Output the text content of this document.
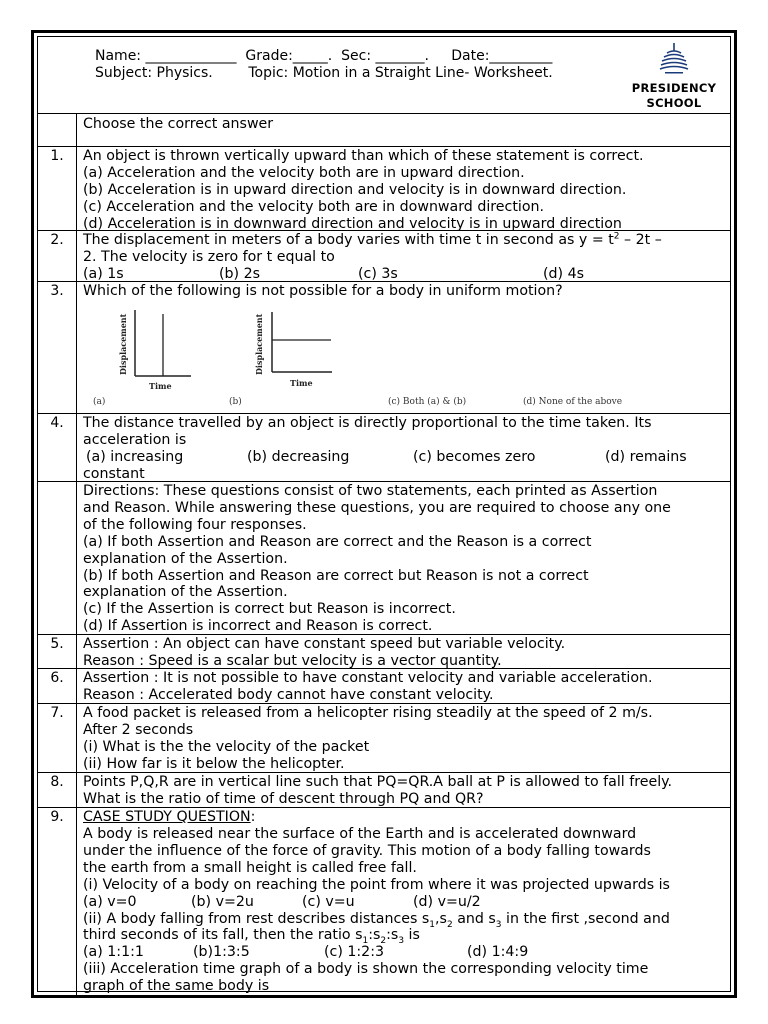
Name: _____________ Grade:_____.  Sec: _______.     Date:_________
Subject: Physics.	Topic: Motion in a Straight Line- Worksheet.
PRESIDENCY
SCHOOL
Choose the correct answer
1.	An object is thrown vertically upward than which of these statement is correct.
(a) Acceleration and the velocity both are in upward direction.
(b) Acceleration is in upward direction and velocity is in downward direction.
(c) Acceleration and the velocity both are in downward direction.
(d) Acceleration is in downward direction and velocity is in upward direction
2.	The displacement in meters of a body varies with time t in second as $y = t^2 - 2t$ –
2. The velocity is zero for t equal to
(a) 1s	(b) 2s	(c) 3s	(d) 4s
3.	Which of the following is not possible for a body in uniform motion?
Displacement
Time
(a)
Displacement
Time
(b)	(c) Both (a) & (b)	(d) None of the above
4.	The distance travelled by an object is directly proportional to the time taken. Its
acceleration is
(a) increasing	(b) decreasing	(c) becomes zero	(d) remains
constant
Directions: These questions consist of two statements, each printed as Assertion
and Reason. While answering these questions, you are required to choose any one
of the following four responses.
(a) If both Assertion and Reason are correct and the Reason is a correct
explanation of the Assertion.
(b) If both Assertion and Reason are correct but Reason is not a correct
explanation of the Assertion.
(c) If the Assertion is correct but Reason is incorrect.
(d) If Assertion is incorrect and Reason is correct.
5.	Assertion : An object can have constant speed but variable velocity.
Reason : Speed is a scalar but velocity is a vector quantity.
6.	Assertion : It is not possible to have constant velocity and variable acceleration.
Reason : Accelerated body cannot have constant velocity.
7.	A food packet is released from a helicopter rising steadily at the speed of 2 m/s.
After 2 seconds
(i) What is the the velocity of the packet
(ii) How far is it below the helicopter.
8.	Points P,Q,R are in vertical line such that PQ=QR.A ball at P is allowed to fall freely.
What is the ratio of time of descent through PQ and QR?
9.	CASE STUDY QUESTION:
A body is released near the surface of the Earth and is accelerated downward
under the influence of the force of gravity. This motion of a body falling towards
the earth from a small height is called free fall.
(i) Velocity of a body on reaching the point from where it was projected upwards is
(a) v=0	(b) v=2u	(c) v=u	(d) v=u/2
(ii) A body falling from rest describes distances $s_1,s_2$ and $s_3$ in the first ,second and
third seconds of its fall, then the ratio $s_1:s_2:s_3$ is
(a) 1:1:1	(b)1:3:5	(c) 1:2:3	(d) 1:4:9
(iii) Acceleration time graph of a body is shown the corresponding velocity time
graph of the same body is
